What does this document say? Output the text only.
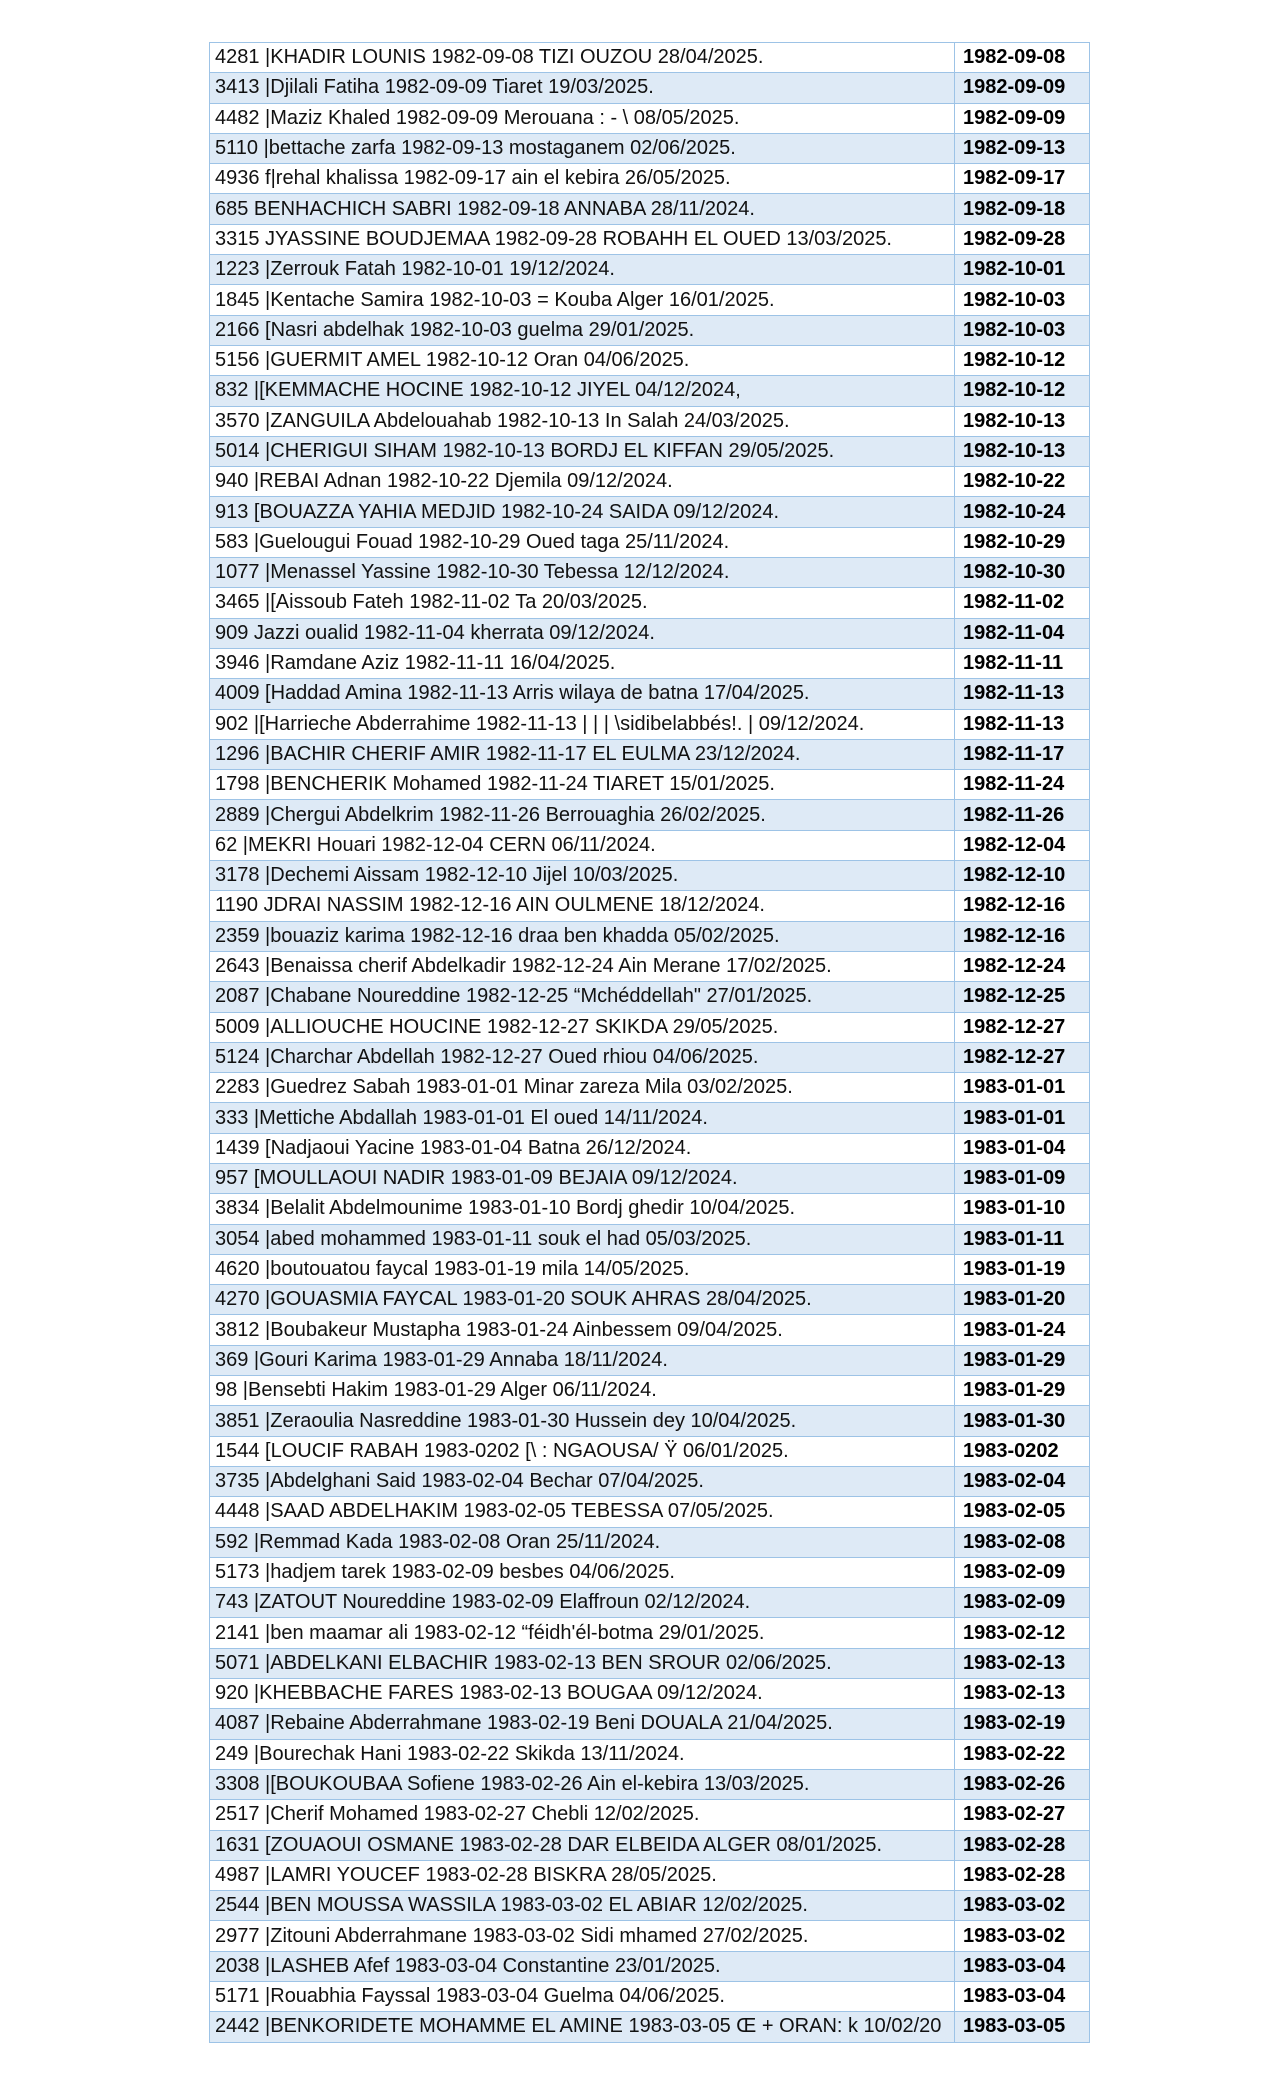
4281 |KHADIR LOUNIS 1982-09-08 TIZI OUZOU 28/04/2025.	1982-09-08
3413 |Djilali Fatiha 1982-09-09 Tiaret 19/03/2025.	1982-09-09
4482 |Maziz Khaled 1982-09-09 Merouana : - \ 08/05/2025.	1982-09-09
5110 |bettache zarfa 1982-09-13 mostaganem 02/06/2025.	1982-09-13
4936 f|rehal khalissa 1982-09-17 ain el kebira 26/05/2025.	1982-09-17
685 BENHACHICH SABRI 1982-09-18 ANNABA 28/11/2024.	1982-09-18
3315 JYASSINE BOUDJEMAA 1982-09-28 ROBAHH EL OUED 13/03/2025.	1982-09-28
1223 |Zerrouk Fatah 1982-10-01 19/12/2024.	1982-10-01
1845 |Kentache Samira 1982-10-03 = Kouba Alger 16/01/2025.	1982-10-03
2166 [Nasri abdelhak 1982-10-03 guelma 29/01/2025.	1982-10-03
5156 |GUERMIT AMEL 1982-10-12 Oran 04/06/2025.	1982-10-12
832 |[KEMMACHE HOCINE 1982-10-12 JIYEL 04/12/2024,	1982-10-12
3570 |ZANGUILA Abdelouahab 1982-10-13 In Salah 24/03/2025.	1982-10-13
5014 |CHERIGUI SIHAM 1982-10-13 BORDJ EL KIFFAN 29/05/2025.	1982-10-13
940 |REBAI Adnan 1982-10-22 Djemila 09/12/2024.	1982-10-22
913 [BOUAZZA YAHIA MEDJID 1982-10-24 SAIDA 09/12/2024.	1982-10-24
583 |Guelougui Fouad 1982-10-29 Oued taga 25/11/2024.	1982-10-29
1077 |Menassel Yassine 1982-10-30 Tebessa 12/12/2024.	1982-10-30
3465 |[Aissoub Fateh 1982-11-02 Ta 20/03/2025.	1982-11-02
909 Jazzi oualid 1982-11-04 kherrata 09/12/2024.	1982-11-04
3946 |Ramdane Aziz 1982-11-11 16/04/2025.	1982-11-11
4009 [Haddad Amina 1982-11-13 Arris wilaya de batna 17/04/2025.	1982-11-13
902 |[Harrieche Abderrahime 1982-11-13 | | | \sidibelabbés!. | 09/12/2024.	1982-11-13
1296 |BACHIR CHERIF AMIR 1982-11-17 EL EULMA 23/12/2024.	1982-11-17
1798 |BENCHERIK Mohamed 1982-11-24 TIARET 15/01/2025.	1982-11-24
2889 |Chergui Abdelkrim 1982-11-26 Berrouaghia 26/02/2025.	1982-11-26
62 |MEKRI Houari 1982-12-04 CERN 06/11/2024.	1982-12-04
3178 |Dechemi Aissam 1982-12-10 Jijel 10/03/2025.	1982-12-10
1190 JDRAI NASSIM 1982-12-16 AIN OULMENE 18/12/2024.	1982-12-16
2359 |bouaziz karima 1982-12-16 draa ben khadda 05/02/2025.	1982-12-16
2643 |Benaissa cherif Abdelkadir 1982-12-24 Ain Merane 17/02/2025.	1982-12-24
2087 |Chabane Noureddine 1982-12-25 “Mchéddellah" 27/01/2025.	1982-12-25
5009 |ALLIOUCHE HOUCINE 1982-12-27 SKIKDA 29/05/2025.	1982-12-27
5124 |Charchar Abdellah 1982-12-27 Oued rhiou 04/06/2025.	1982-12-27
2283 |Guedrez Sabah 1983-01-01 Minar zareza Mila 03/02/2025.	1983-01-01
333 |Mettiche Abdallah 1983-01-01 El oued 14/11/2024.	1983-01-01
1439 [Nadjaoui Yacine 1983-01-04 Batna 26/12/2024.	1983-01-04
957 [MOULLAOUI NADIR 1983-01-09 BEJAIA 09/12/2024.	1983-01-09
3834 |Belalit Abdelmounime 1983-01-10 Bordj ghedir 10/04/2025.	1983-01-10
3054 |abed mohammed 1983-01-11 souk el had 05/03/2025.	1983-01-11
4620 |boutouatou faycal 1983-01-19 mila 14/05/2025.	1983-01-19
4270 |GOUASMIA FAYCAL 1983-01-20 SOUK AHRAS 28/04/2025.	1983-01-20
3812 |Boubakeur Mustapha 1983-01-24 Ainbessem 09/04/2025.	1983-01-24
369 |Gouri Karima 1983-01-29 Annaba 18/11/2024.	1983-01-29
98 |Bensebti Hakim 1983-01-29 Alger 06/11/2024.	1983-01-29
3851 |Zeraoulia Nasreddine 1983-01-30 Hussein dey 10/04/2025.	1983-01-30
1544 [LOUCIF RABAH 1983-0202 [\ : NGAOUSA/ Ÿ 06/01/2025.	1983-0202
3735 |Abdelghani Said 1983-02-04 Bechar 07/04/2025.	1983-02-04
4448 |SAAD ABDELHAKIM 1983-02-05 TEBESSA 07/05/2025.	1983-02-05
592 |Remmad Kada 1983-02-08 Oran 25/11/2024.	1983-02-08
5173 |hadjem tarek 1983-02-09 besbes 04/06/2025.	1983-02-09
743 |ZATOUT Noureddine 1983-02-09 Elaffroun 02/12/2024.	1983-02-09
2141 |ben maamar ali 1983-02-12 “féidh'él-botma 29/01/2025.	1983-02-12
5071 |ABDELKANI ELBACHIR 1983-02-13 BEN SROUR 02/06/2025.	1983-02-13
920 |KHEBBACHE FARES 1983-02-13 BOUGAA 09/12/2024.	1983-02-13
4087 |Rebaine Abderrahmane 1983-02-19 Beni DOUALA 21/04/2025.	1983-02-19
249 |Bourechak Hani 1983-02-22 Skikda 13/11/2024.	1983-02-22
3308 |[BOUKOUBAA Sofiene 1983-02-26 Ain el-kebira 13/03/2025.	1983-02-26
2517 |Cherif Mohamed 1983-02-27 Chebli 12/02/2025.	1983-02-27
1631 [ZOUAOUI OSMANE 1983-02-28 DAR ELBEIDA ALGER 08/01/2025.	1983-02-28
4987 |LAMRI YOUCEF 1983-02-28 BISKRA 28/05/2025.	1983-02-28
2544 |BEN MOUSSA WASSILA 1983-03-02 EL ABIAR 12/02/2025.	1983-03-02
2977 |Zitouni Abderrahmane 1983-03-02 Sidi mhamed 27/02/2025.	1983-03-02
2038 |LASHEB Afef 1983-03-04 Constantine 23/01/2025.	1983-03-04
5171 |Rouabhia Fayssal 1983-03-04 Guelma 04/06/2025.	1983-03-04
2442 |BENKORIDETE MOHAMME EL AMINE 1983-03-05 Œ + ORAN: k 10/02/20	1983-03-05
